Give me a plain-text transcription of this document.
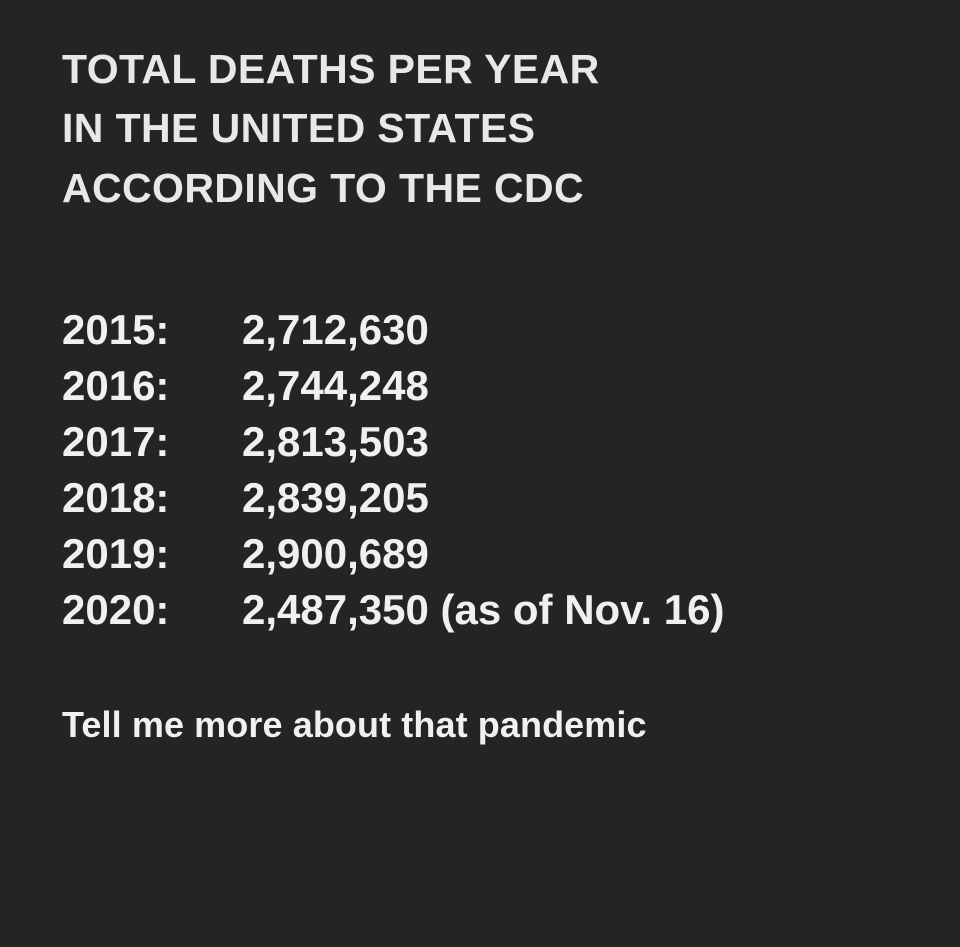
TOTAL DEATHS PER YEAR
IN THE UNITED STATES
ACCORDING TO THE CDC
2015:	2,712,630
2016:	2,744,248
2017:	2,813,503
2018:	2,839,205
2019:	2,900,689
2020:	2,487,350 (as of Nov. 16)
Tell me more about that pandemic
